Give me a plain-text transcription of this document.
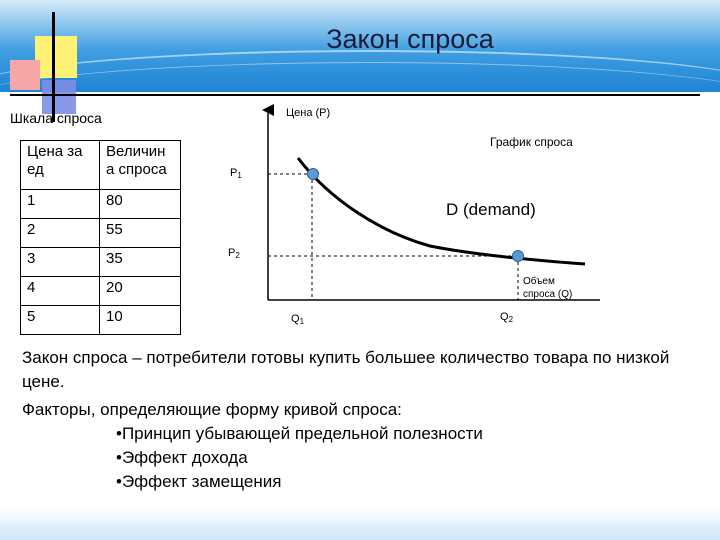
Закон спроса
Шкала спроса
Цена за ед	Величин а спроса
1	80
2	55
3	35
4	20
5	10
Цена (P)
График спроса
D (demand)
P1
P2
Q1	Q2
Объем
спроса (Q)

Закон спроса – потребители готовы купить большее количество товара по низкой цене.

Факторы, определяющие форму кривой спроса:

•Принцип убывающей предельной полезности
•Эффект дохода
•Эффект замещения
